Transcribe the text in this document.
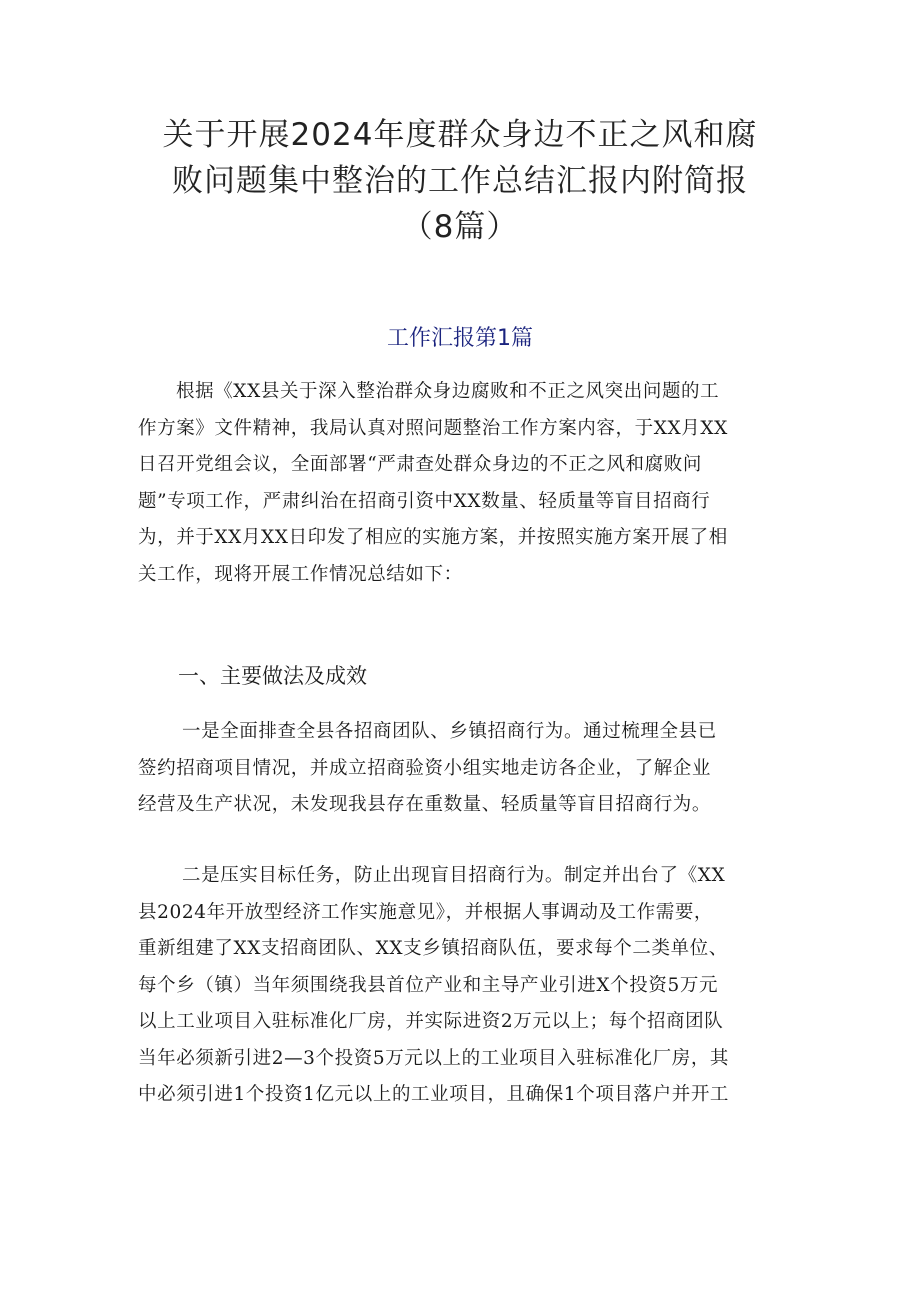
关于开展2024年度群众身边不正之风和腐
败问题集中整治的工作总结汇报内附简报
（8篇）
工作汇报第1篇
根据《XX县关于深入整治群众身边腐败和不正之风突出问题的工
作方案》文件精神，我局认真对照问题整治工作方案内容，于XX月XX
日召开党组会议，全面部署“严肃查处群众身边的不正之风和腐败问
题”专项工作，严肃纠治在招商引资中XX数量、轻质量等盲目招商行
为，并于XX月XX日印发了相应的实施方案，并按照实施方案开展了相
关工作，现将开展工作情况总结如下：
一、主要做法及成效
一是全面排查全县各招商团队、乡镇招商行为。通过梳理全县已
签约招商项目情况，并成立招商验资小组实地走访各企业，了解企业
经营及生产状况，未发现我县存在重数量、轻质量等盲目招商行为。
二是压实目标任务，防止出现盲目招商行为。制定并出台了《XX
县2024年开放型经济工作实施意见》，并根据人事调动及工作需要，
重新组建了XX支招商团队、XX支乡镇招商队伍，要求每个二类单位、
每个乡（镇）当年须围绕我县首位产业和主导产业引进X个投资5万元
以上工业项目入驻标准化厂房，并实际进资2万元以上；每个招商团队
当年必须新引进2—3个投资5万元以上的工业项目入驻标准化厂房，其
中必须引进1个投资1亿元以上的工业项目，且确保1个项目落户并开工
